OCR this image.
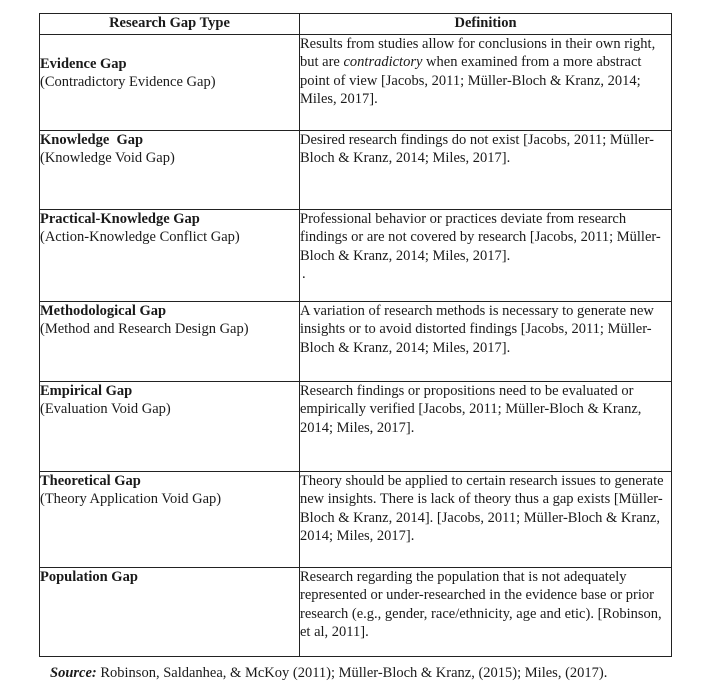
Research Gap Type	Definition

Evidence Gap
(Contradictory Evidence Gap)	Results from studies allow for conclusions in their own right, but are contradictory when examined from a more abstract point of view [Jacobs, 2011; Müller-Bloch & Kranz, 2014; Miles, 2017].

Knowledge  Gap
(Knowledge Void Gap)	Desired research findings do not exist [Jacobs, 2011; Müller-Bloch & Kranz, 2014; Miles, 2017].

Practical-Knowledge Gap
(Action-Knowledge Conflict Gap)	Professional behavior or practices deviate from research findings or are not covered by research [Jacobs, 2011; Müller-Bloch & Kranz, 2014; Miles, 2017].
.

Methodological Gap
(Method and Research Design Gap)	A variation of research methods is necessary to generate new insights or to avoid distorted findings [Jacobs, 2011; Müller-Bloch & Kranz, 2014; Miles, 2017].

Empirical Gap
(Evaluation Void Gap)	Research findings or propositions need to be evaluated or empirically verified [Jacobs, 2011; Müller-Bloch & Kranz, 2014; Miles, 2017].

Theoretical Gap
(Theory Application Void Gap)	Theory should be applied to certain research issues to generate new insights. There is lack of theory thus a gap exists [Müller-Bloch & Kranz, 2014]. [Jacobs, 2011; Müller-Bloch & Kranz, 2014; Miles, 2017].

Population Gap	Research regarding the population that is not adequately represented or under-researched in the evidence base or prior research (e.g., gender, race/ethnicity, age and etic). [Robinson, et al, 2011].
Source: Robinson, Saldanhea, & McKoy (2011); Müller-Bloch & Kranz, (2015); Miles, (2017).
